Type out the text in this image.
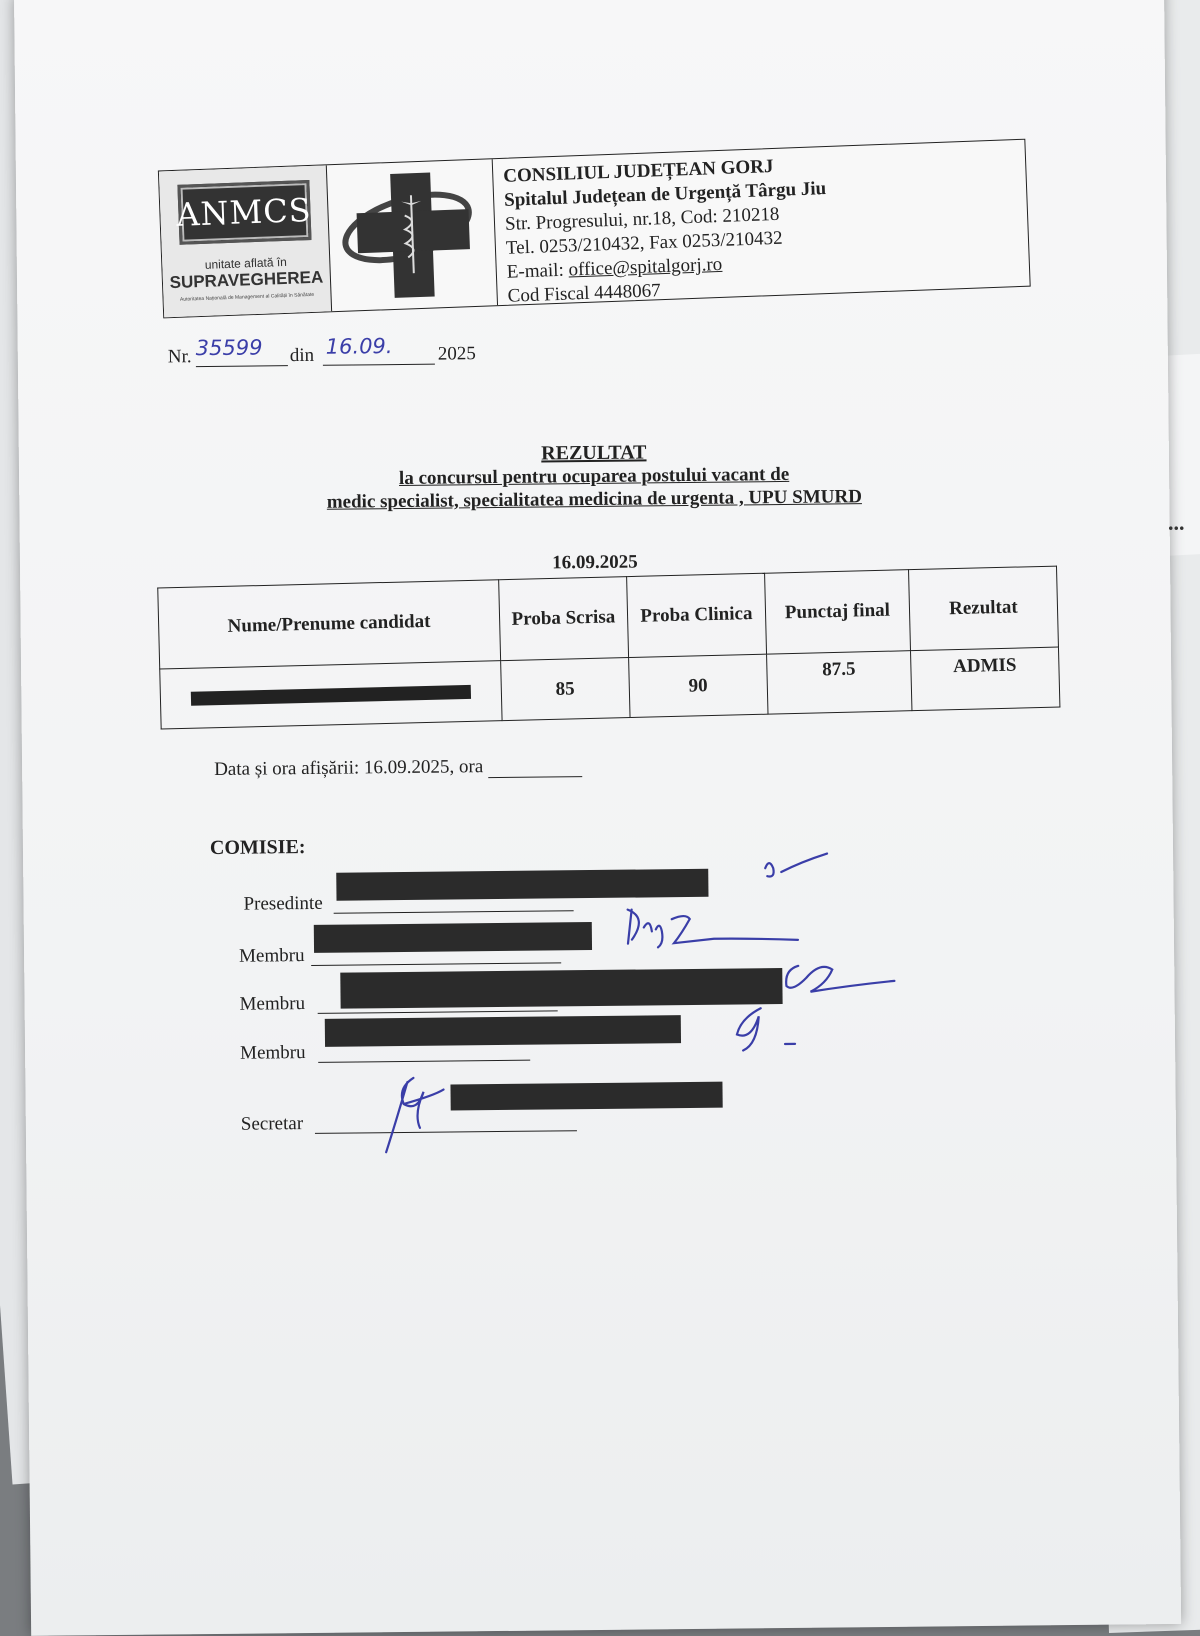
ANMCS
unitate aflată în
SUPRAVEGHEREA
Autoritatea Națională de Management al Calității în Sănătate
CONSILIUL JUDEȚEAN GORJ
Spitalul Județean de Urgență Târgu Jiu
Str. Progresului, nr.18, Cod: 210218
Tel. 0253/210432, Fax 0253/210432
E-mail: office@spitalgorj.ro
Cod Fiscal 4448067
Nr. 35599 din 16.09. 2025
REZULTAT
la concursul pentru ocuparea postului vacant de
medic specialist, specialitatea medicina de urgenta , UPU SMURD
16.09.2025
Nume/Prenume candidat	Proba Scrisa	Proba Clinica	Punctaj final	Rezultat
	85	90	87.5	ADMIS
Data și ora afișării: 16.09.2025, ora
COMISIE:
Presedinte
Membru
Membru
Membru
Secretar
...
